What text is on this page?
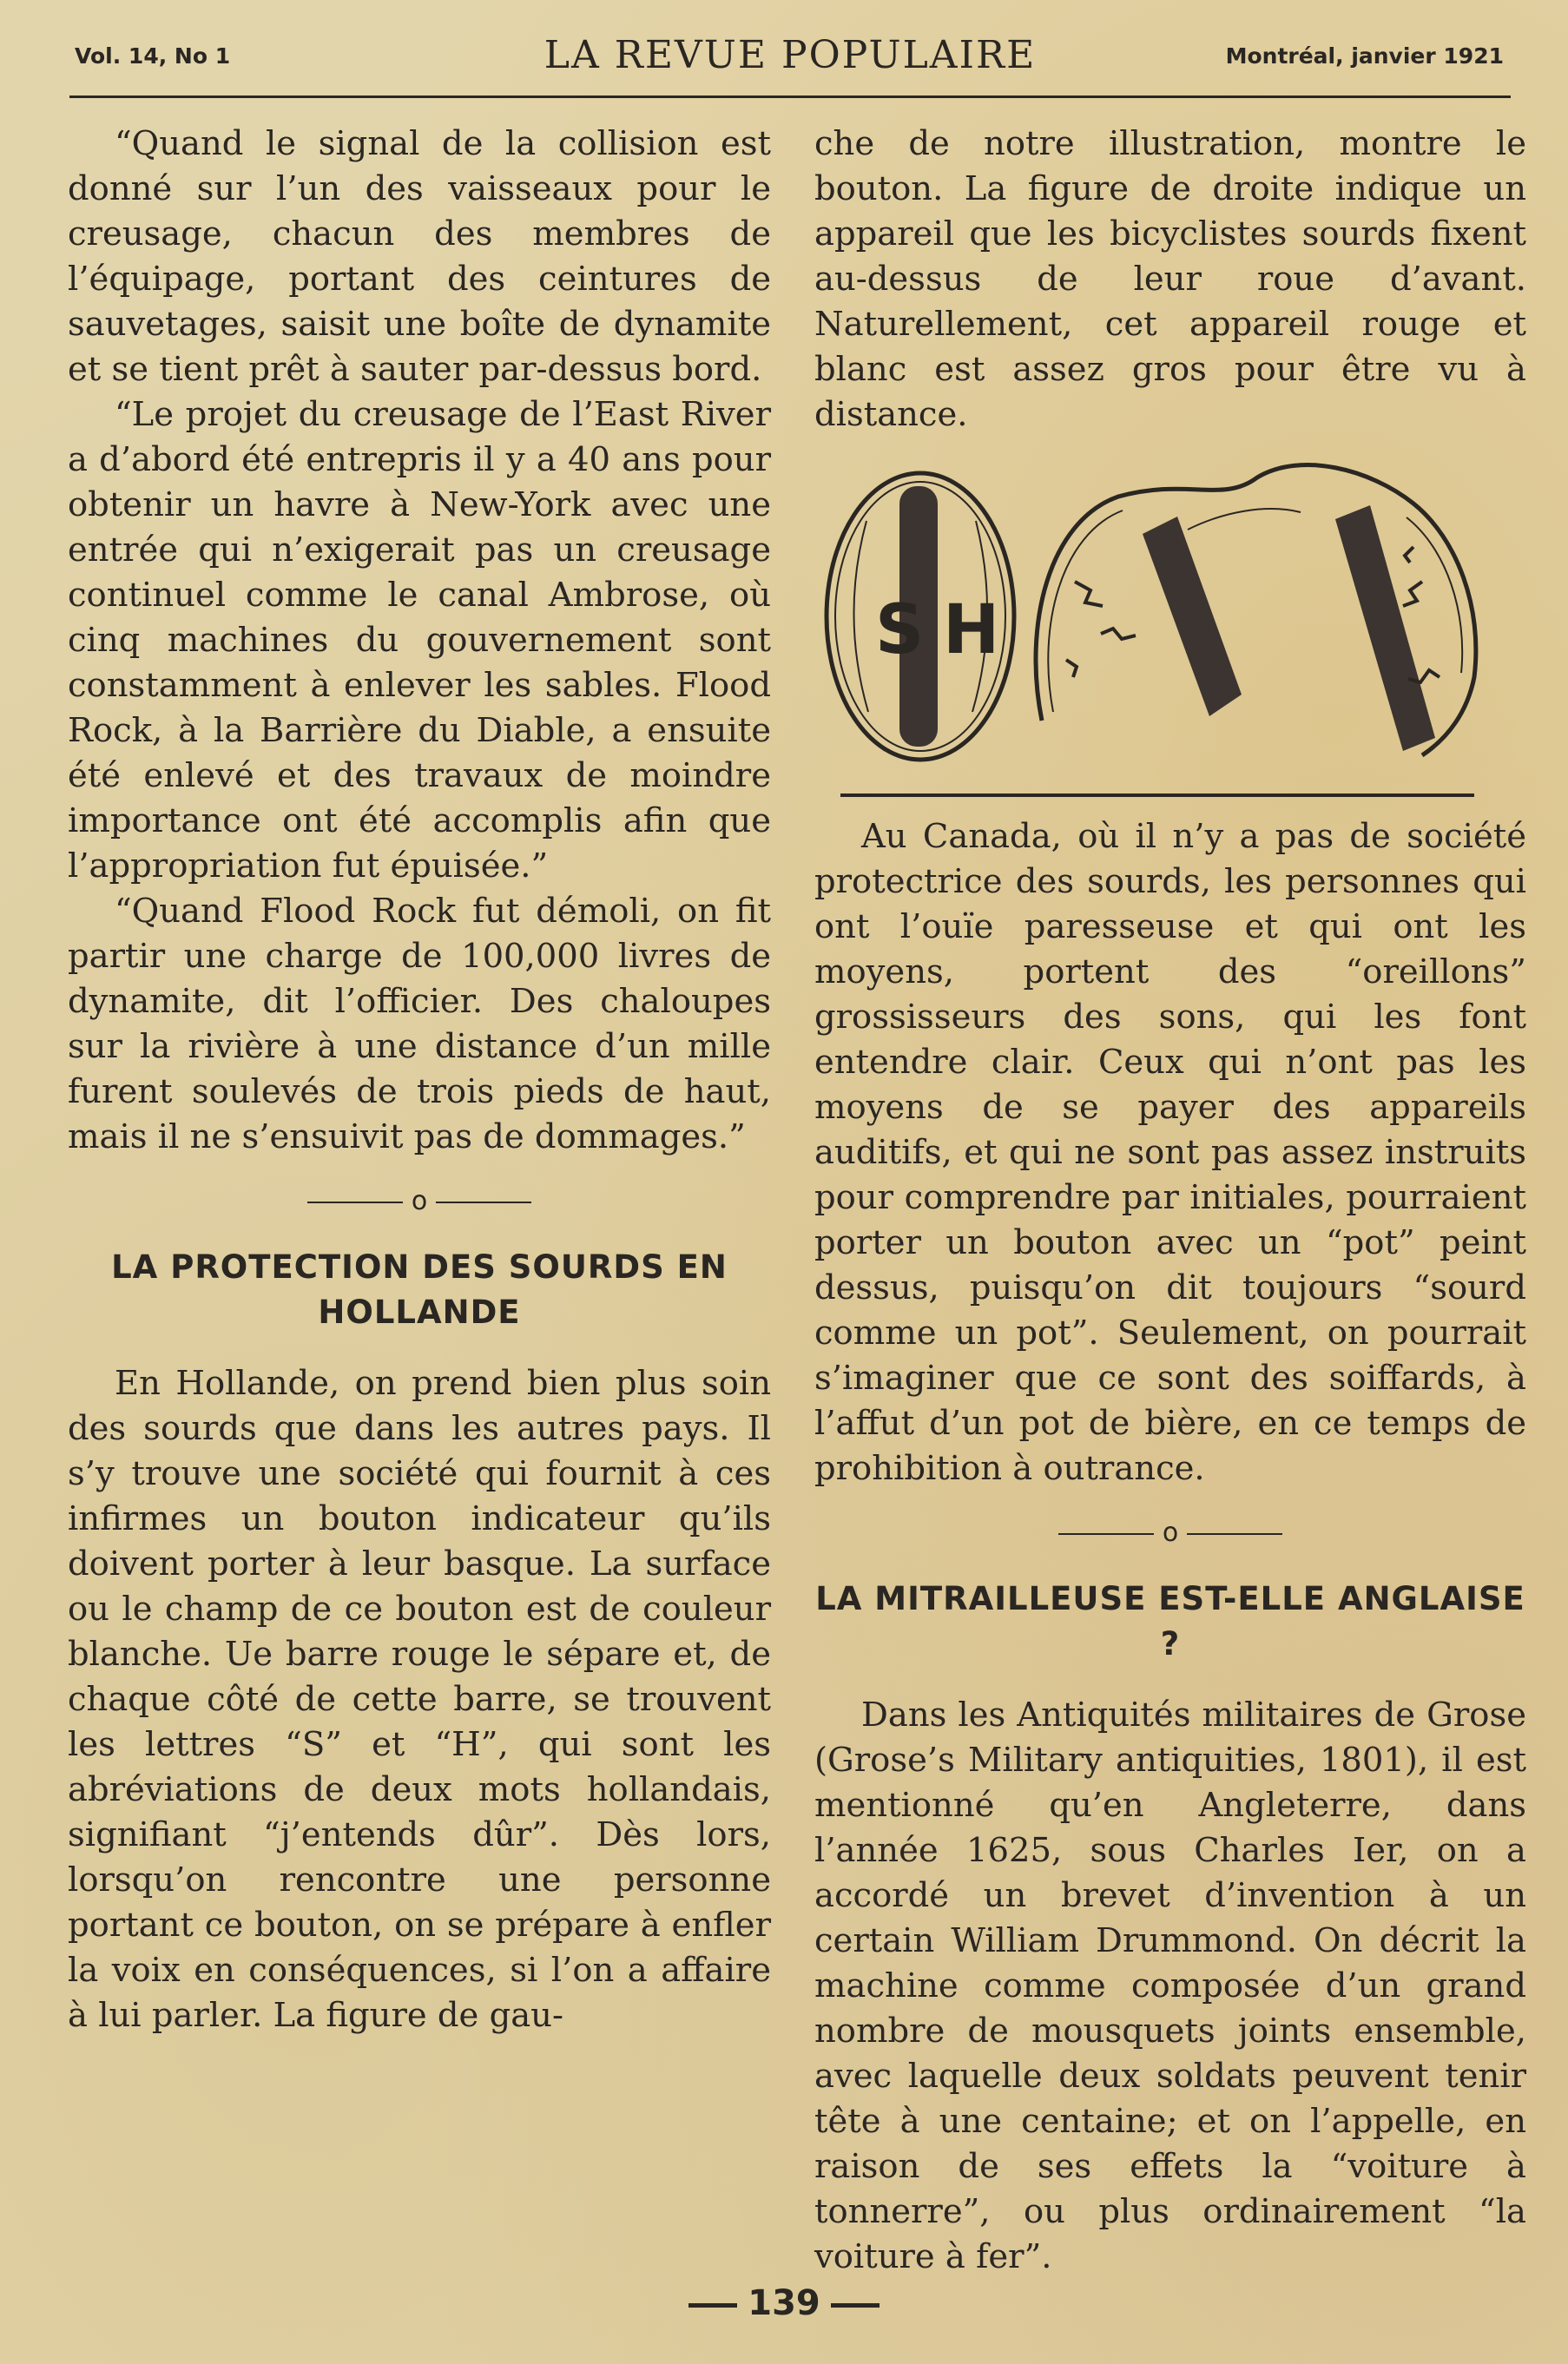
Vol. 14, No 1	LA REVUE POPULAIRE	Montréal, janvier 1921

“Quand le signal de la collision est donné sur l’un des vaisseaux pour le creusage, chacun des membres de l’équipage, portant des ceintures de sauvetages, saisit une boîte de dynamite et se tient prêt à sauter par-dessus bord.

“Le projet du creusage de l’East River a d’abord été entrepris il y a 40 ans pour obtenir un havre à New-York avec une entrée qui n’exigerait pas un creusage continuel comme le canal Ambrose, où cinq machines du gouvernement sont constamment à enlever les sables. Flood Rock, à la Barrière du Diable, a ensuite été enlevé et des travaux de moindre importance ont été accomplis afin que l’appropriation fut épuisée.”

“Quand Flood Rock fut démoli, on fit partir une charge de 100,000 livres de dynamite, dit l’officier. Des chaloupes sur la rivière à une distance d’un mille furent soulevés de trois pieds de haut, mais il ne s’ensuivit pas de dommages.”

o
LA PROTECTION DES SOURDS EN HOLLANDE

En Hollande, on prend bien plus soin des sourds que dans les autres pays. Il s’y trouve une société qui fournit à ces infirmes un bouton indicateur qu’ils doivent porter à leur basque. La surface ou le champ de ce bouton est de couleur blanche. Ue barre rouge le sépare et, de chaque côté de cette barre, se trouvent les lettres “S” et “H”, qui sont les abréviations de deux mots hollandais, signifiant “j’entends dûr”. Dès lors, lorsqu’on rencontre une personne portant ce bouton, on se prépare à enfler la voix en conséquences, si l’on a affaire à lui parler. La figure de gau-

che de notre illustration, montre le bouton. La figure de droite indique un appareil que les bicyclistes sourds fixent au-dessus de leur roue d’avant. Naturellement, cet appareil rouge et blanc est assez gros pour être vu à distance.

S H

Au Canada, où il n’y a pas de société protectrice des sourds, les personnes qui ont l’ouïe paresseuse et qui ont les moyens, portent des “oreillons” grossisseurs des sons, qui les font entendre clair. Ceux qui n’ont pas les moyens de se payer des appareils auditifs, et qui ne sont pas assez instruits pour comprendre par initiales, pourraient porter un bouton avec un “pot” peint dessus, puisqu’on dit toujours “sourd comme un pot”. Seulement, on pourrait s’imaginer que ce sont des soiffards, à l’affut d’un pot de bière, en ce temps de prohibition à outrance.

o
LA MITRAILLEUSE EST-ELLE ANGLAISE ?

Dans les Antiquités militaires de Grose (Grose’s Military antiquities, 1801), il est mentionné qu’en Angleterre, dans l’année 1625, sous Charles Ier, on a accordé un brevet d’invention à un certain William Drummond. On décrit la machine comme composée d’un grand nombre de mousquets joints ensemble, avec laquelle deux soldats peuvent tenir tête à une centaine; et on l’appelle, en raison de ses effets la “voiture à tonnerre”, ou plus ordinairement “la voiture à fer”.

139
